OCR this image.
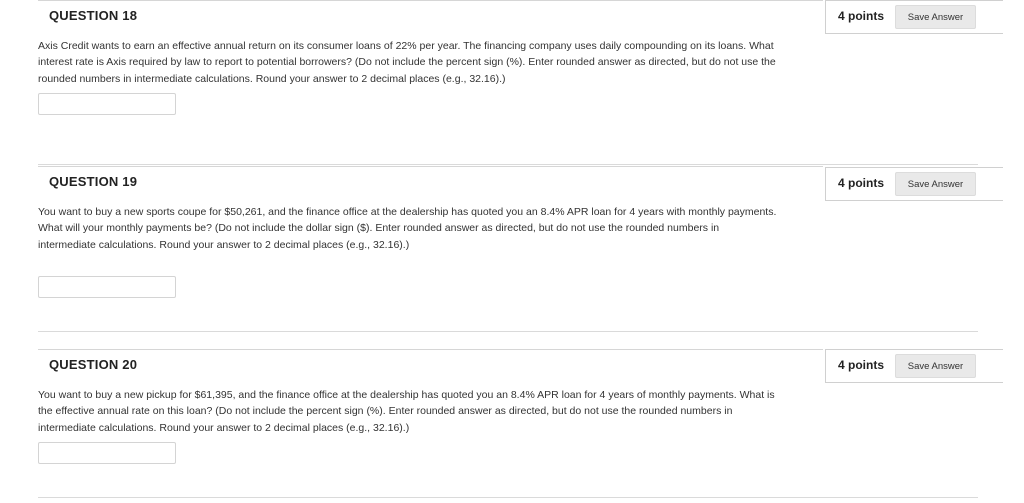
QUESTION 18	4 points	Save Answer
Axis Credit wants to earn an effective annual return on its consumer loans of 22% per year. The financing company uses daily compounding on its loans. What interest rate is Axis required by law to report to potential borrowers? (Do not include the percent sign (%). Enter rounded answer as directed, but do not use the rounded numbers in intermediate calculations. Round your answer to 2 decimal places (e.g., 32.16).)
QUESTION 19	4 points	Save Answer
You want to buy a new sports coupe for $50,261, and the finance office at the dealership has quoted you an 8.4% APR loan for 4 years with monthly payments. What will your monthly payments be? (Do not include the dollar sign ($). Enter rounded answer as directed, but do not use the rounded numbers in intermediate calculations. Round your answer to 2 decimal places (e.g., 32.16).)
QUESTION 20	4 points	Save Answer
You want to buy a new pickup for $61,395, and the finance office at the dealership has quoted you an 8.4% APR loan for 4 years of monthly payments. What is the effective annual rate on this loan? (Do not include the percent sign (%). Enter rounded answer as directed, but do not use the rounded numbers in intermediate calculations. Round your answer to 2 decimal places (e.g., 32.16).)
